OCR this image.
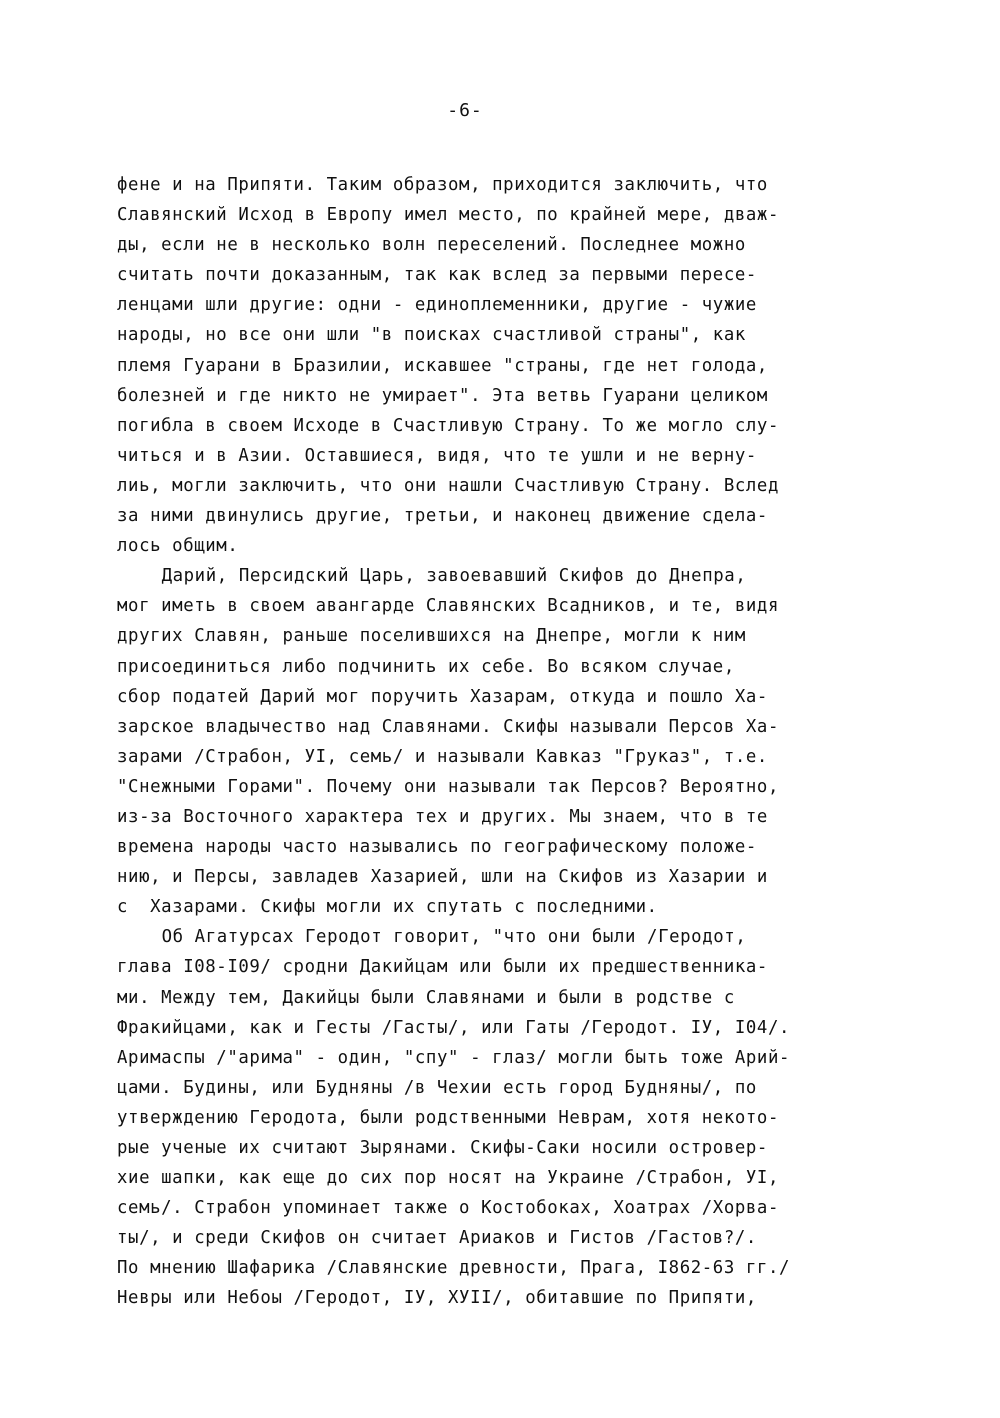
-6-
фене и на Припяти. Таким образом, приходится заключить, что
Славянский Исход в Европу имел место, по крайней мере, дваж-
ды, если не в несколько волн переселений. Последнее можно
считать почти доказанным, так как вслед за первыми пересе-
ленцами шли другие: одни - единоплеменники, другие - чужие
народы, но все они шли "в поисках счастливой страны", как
племя Гуарани в Бразилии, искавшее "страны, где нет голода,
болезней и где никто не умирает". Эта ветвь Гуарани целиком
погибла в своем Исходе в Счастливую Страну. То же могло слу-
читься и в Азии. Оставшиеся, видя, что те ушли и не верну-
лиь, могли заключить, что они нашли Счастливую Страну. Вслед
за ними двинулись другие, третьи, и наконец движение сдела-
лось общим.
Дарий, Персидский Царь, завоевавший Скифов до Днепра,
мог иметь в своем авангарде Славянских Всадников, и те, видя
других Славян, раньше поселившихся на Днепре, могли к ним
присоединиться либо подчинить их себе. Во всяком случае,
сбор податей Дарий мог поручить Хазарам, откуда и пошло Ха-
зарское владычество над Славянами. Скифы называли Персов Ха-
зарами /Страбон, УI, семь/ и называли Кавказ "Груказ", т.е.
"Снежными Горами". Почему они называли так Персов? Вероятно,
из-за Восточного характера тех и других. Мы знаем, что в те
времена народы часто назывались по географическому положе-
нию, и Персы, завладев Хазарией, шли на Скифов из Хазарии и
с  Хазарами. Скифы могли их спутать с последними.
Об Агатурсах Геродот говорит, "что они были /Геродот,
глава I08-I09/ сродни Дакийцам или были их предшественника-
ми. Между тем, Дакийцы были Славянами и были в родстве с
Фракийцами, как и Гесты /Гасты/, или Гаты /Геродот. IУ, I04/.
Аримаспы /"арима" - один, "спу" - глаз/ могли быть тоже Арий-
цами. Будины, или Будняны /в Чехии есть город Будняны/, по
утверждению Геродота, были родственными Неврам, хотя некото-
рые ученые их считают Зырянами. Скифы-Саки носили островер-
хие шапки, как еще до сих пор носят на Украине /Страбон, УI,
семь/. Страбон упоминает также о Костобоках, Хоатрах /Хорва-
ты/, и среди Скифов он считает Ариаков и Гистов /Гастов?/.
По мнению Шафарика /Славянские древности, Прага, I862-63 гг./
Невры или Небоы /Геродот, IУ, ХУII/, обитавшие по Припяти,
